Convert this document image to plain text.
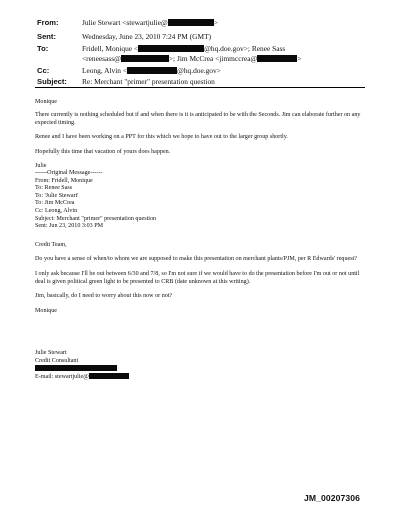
From:	Julie Stewart <stewartjulie@	>
Sent:	Wednesday, June 23, 2010 7:24 PM (GMT)
To:	Fridell, Monique <	@hq.doe.gov>; Renee Sass
<reneesass@	>; Jim McCrea <jimmccrea@	>
Cc:	Leong, Alvin <	@hq.doe.gov>
Subject: Re: Merchant "primer" presentation question
Monique
There currently is nothing scheduled but if and when there is it is anticipated to be with the Seconds. Jim can elaborate further on any
expected timing.
Renee and I have been working on a PPT for this which we hope to have out to the larger group shortly.
Hopefully this time that vacation of yours does happen.
Julie
------Original Message------
From: Fridell, Monique
To: Renee Sass
To: 'Julie Stewart'
To: Jim McCrea
Cc: Leong, Alvin
Subject: Merchant "primer" presentation question
Sent: Jun 23, 2010 3:03 PM
Credit Team,
Do you have a sense of when/to whom we are supposed to make this presentation on merchant plants/PJM, per R Edwards' request?
I only ask because I'll be out between 6/30 and 7/8, so I'm not sure if we would have to do the presentation before I'm out or not until
deal is given political green light to be presented to CRB (date unknown at this writing).
Jim, basically, do I need to worry about this now or not?
Monique
Julie Stewart
Credit Consultant
E-mail: stewartjulie@
JM_00207306
